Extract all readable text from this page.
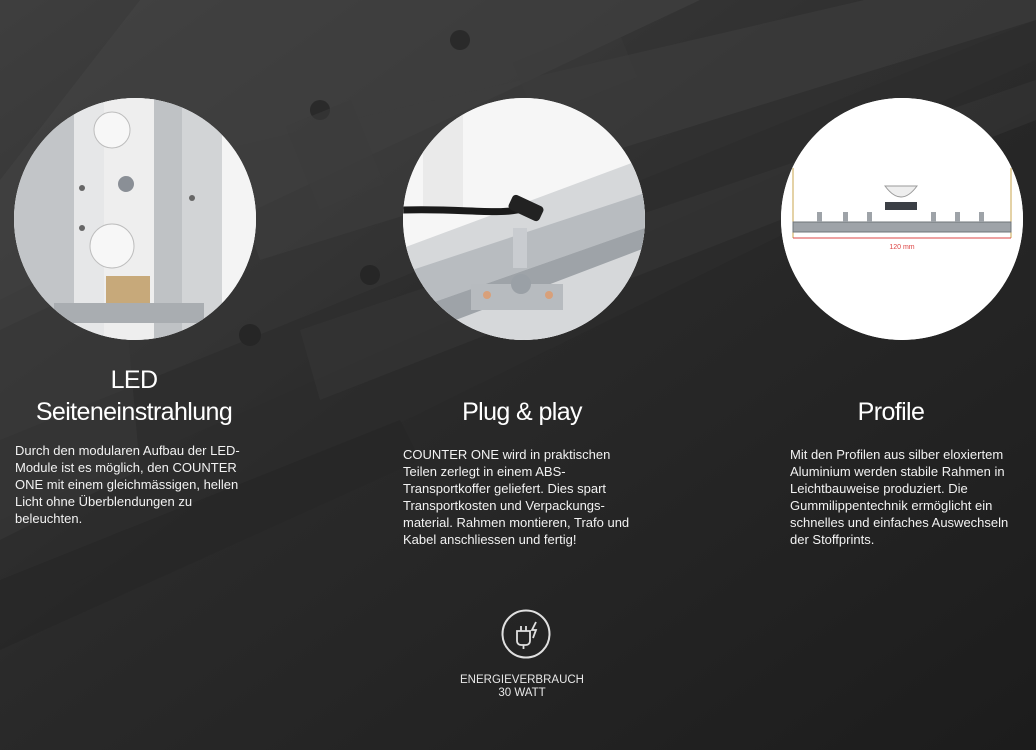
LED
Seiteneinstrahlung
Durch den modularen Aufbau der LED-Module ist es möglich, den COUNTER ONE mit einem gleichmässigen, hellen Licht ohne Überblendungen zu beleuchten.
Plug & play
COUNTER ONE wird in praktischen Teilen zerlegt in einem ABS-Transportkoffer geliefert. Dies spart Transportkosten und Verpackungs-material. Rahmen montieren, Trafo und Kabel anschliessen und fertig!
120 mm
Profile
Mit den Profilen aus silber eloxiertem Aluminium werden stabile Rahmen in Leichtbauweise produziert. Die Gummilippentechnik ermöglicht ein schnelles und einfaches Auswechseln der Stoffprints.
ENERGIEVERBRAUCH
30 WATT
